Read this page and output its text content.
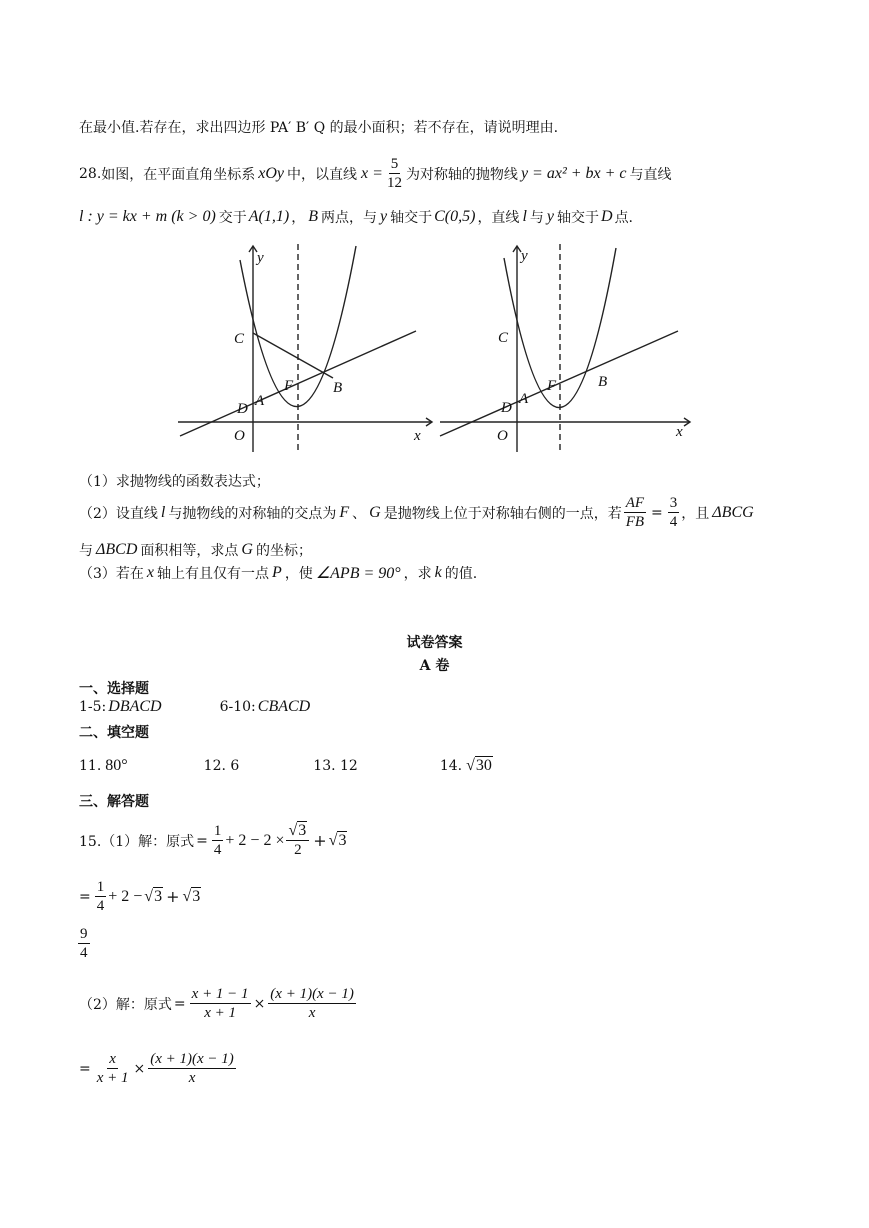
在最小值.若存在，求出四边形 PA′ B′ Q 的最小面积；若不存在，请说明理由.
28. 如图，在平面直角坐标系 xOy 中，以直线 $x = \frac{5}{12}$ 为对称轴的抛物线 y = ax² + bx + c 与直线
l : y = kx + m (k > 0) 交于 A(1,1) ， B 两点，与 y 轴交于 C(0,5) ，直线 l 与 y 轴交于 D 点.
y
x
C
D A
F	B
O
y
x
C
D
A
F	B
O
（1）求抛物线的函数表达式；
（2）设直线 l 与抛物线的对称轴的交点为 F 、 G 是抛物线上位于对称轴右侧的一点，若 $\frac{AF}{FB} = \frac{3}{4}$ ，且 ΔBCG
与 ΔBCD 面积相等，求点 G 的坐标；
（3）若在 x 轴上有且仅有一点 P ，使 ∠APB = 90° ，求 k 的值.
试卷答案
A 卷
一、选择题
1-5: DBACD	6-10: CBACD
二、填空题
11. 80°	12. 6	13. 12	14. √30
三、解答题
15.（1）解：原式 = $\frac{1}{4} + 2 - 2 \times \frac{√3}{2} + √3$
= $\frac{1}{4} + 2 - √3 + √3$
$\frac{9}{4}$
（2）解：原式 = $\frac{x + 1 - 1}{x + 1} \times \frac{(x + 1)(x - 1)}{x}$
= $\frac{x}{x + 1} \times \frac{(x + 1)(x - 1)}{x}$
